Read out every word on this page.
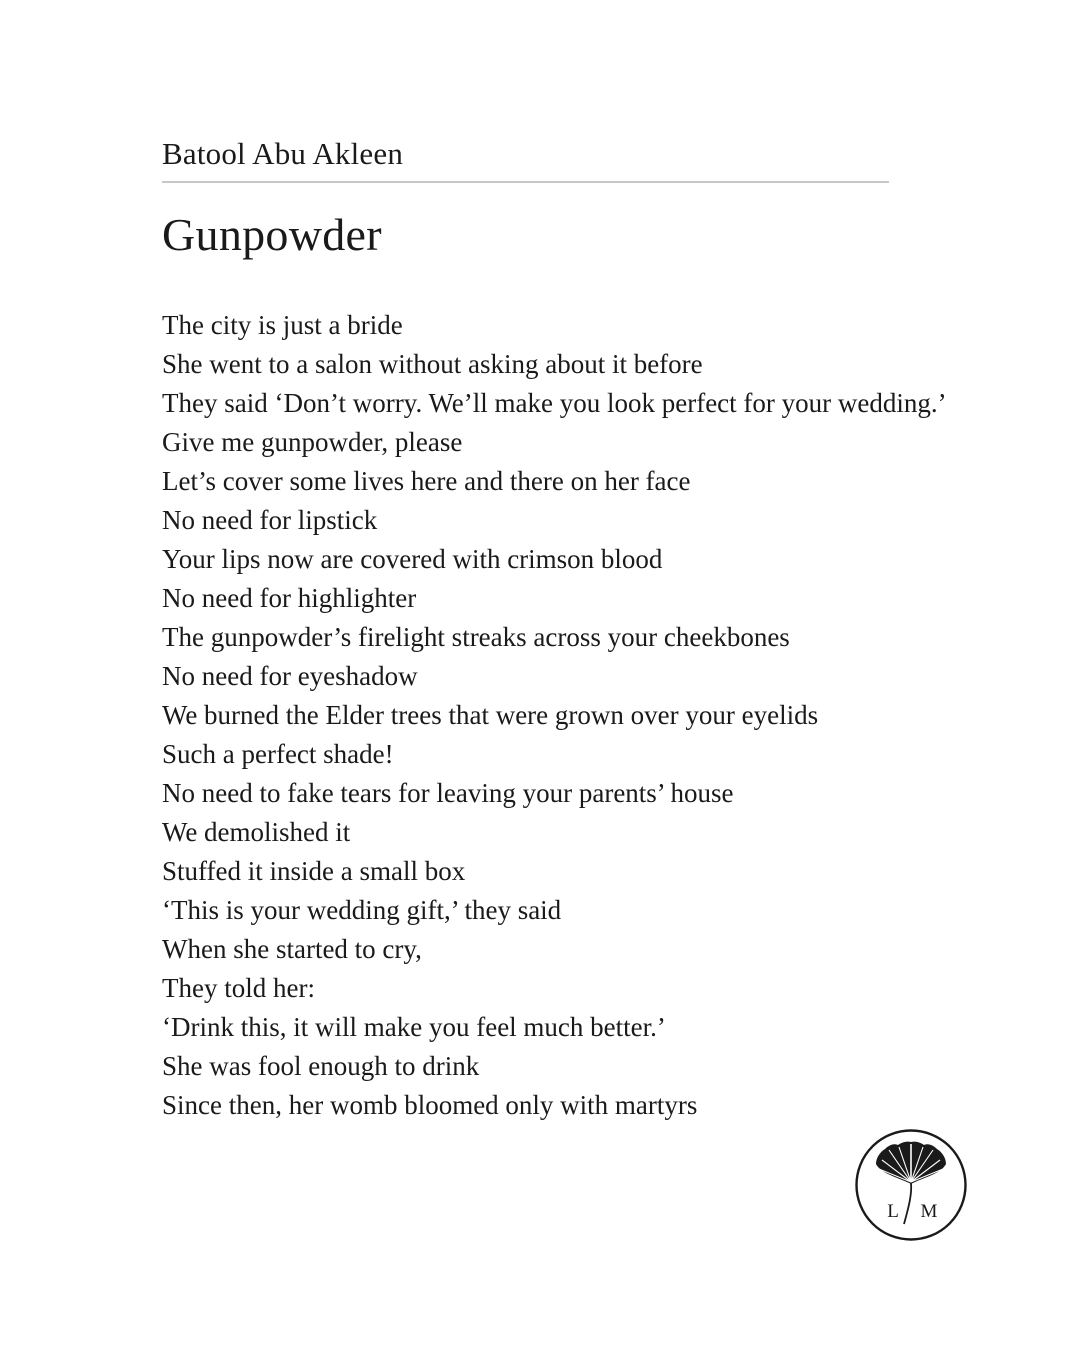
Batool Abu Akleen
Gunpowder
The city is just a bride
She went to a salon without asking about it before
They said ‘Don’t worry. We’ll make you look perfect for your wedding.’
Give me gunpowder, please
Let’s cover some lives here and there on her face
No need for lipstick
Your lips now are covered with crimson blood
No need for highlighter
The gunpowder’s firelight streaks across your cheekbones
No need for eyeshadow
We burned the Elder trees that were grown over your eyelids
Such a perfect shade!
No need to fake tears for leaving your parents’ house
We demolished it
Stuffed it inside a small box
‘This is your wedding gift,’ they said
When she started to cry,
They told her:
‘Drink this, it will make you feel much better.’
She was fool enough to drink
Since then, her womb bloomed only with martyrs
L M
